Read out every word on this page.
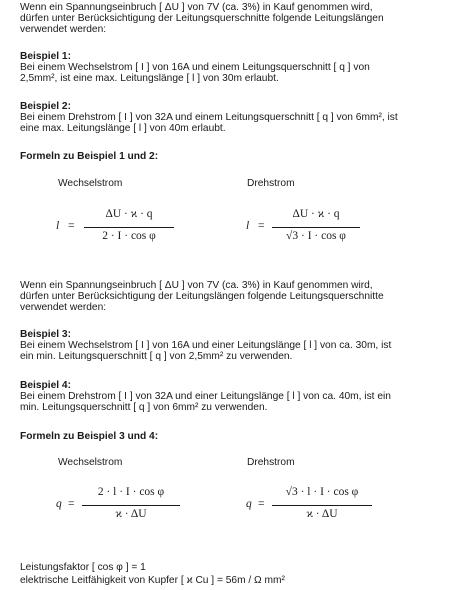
Wenn ein Spannungseinbruch [ ΔU ] von 7V (ca. 3%) in Kauf genommen wird,
dürfen unter Berücksichtigung der Leitungsquerschnitte folgende Leitungslängen
verwendet werden:
Beispiel 1:
Bei einem Wechselstrom [ I ] von 16A und einem Leitungsquerschnitt [ q ] von
2,5mm², ist eine max. Leitungslänge [ l ] von 30m erlaubt.
Beispiel 2:
Bei einem Drehstrom [ I ] von 32A und einem Leitungsquerschnitt [ q ] von 6mm², ist
eine max. Leitungslänge [ l ] von 40m erlaubt.
Formeln zu Beispiel 1 und 2:
Wechselstrom	Drehstrom
l =
ΔU · ϰ · q
2 · I · cos φ
l =
ΔU · ϰ · q
√3 · I · cos φ
Wenn ein Spannungseinbruch [ ΔU ] von 7V (ca. 3%) in Kauf genommen wird,
dürfen unter Berücksichtigung der Leitungslängen folgende Leitungsquerschnitte
verwendet werden:
Beispiel 3:
Bei einem Wechselstrom [ I ] von 16A und einer Leitungslänge [ l ] von ca. 30m, ist
ein min. Leitungsquerschnitt [ q ] von 2,5mm² zu verwenden.
Beispiel 4:
Bei einem Drehstrom [ I ] von 32A und einer Leitungslänge [ l ] von ca. 40m, ist ein
min. Leitungsquerschnitt [ q ] von 6mm² zu verwenden.
Formeln zu Beispiel 3 und 4:
Wechselstrom	Drehstrom
q =
2 · l · I · cos φ
ϰ · ΔU
q =
√3 · l · I · cos φ
ϰ · ΔU
Leistungsfaktor [ cos φ ] = 1
elektrische Leitfähigkeit von Kupfer [ ϰ Cu ] = 56m / Ω mm²
